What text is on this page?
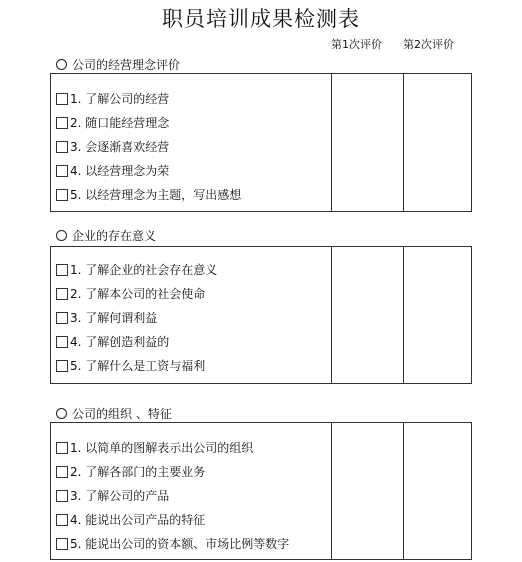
职员培训成果检测表
第1次评价 第2次评价
公司的经营理念评价
1. 了解公司的经营
2. 随口能经营理念
3. 会逐渐喜欢经营
4. 以经营理念为荣
5. 以经营理念为主题，写出感想
企业的存在意义
1. 了解企业的社会存在意义
2. 了解本公司的社会使命
3. 了解何谓利益
4. 了解创造利益的
5. 了解什么是工资与福利
公司的组织 、特征
1. 以简单的图解表示出公司的组织
2. 了解各部门的主要业务
3. 了解公司的产品
4. 能说出公司产品的特征
5. 能说出公司的资本额、市场比例等数字
